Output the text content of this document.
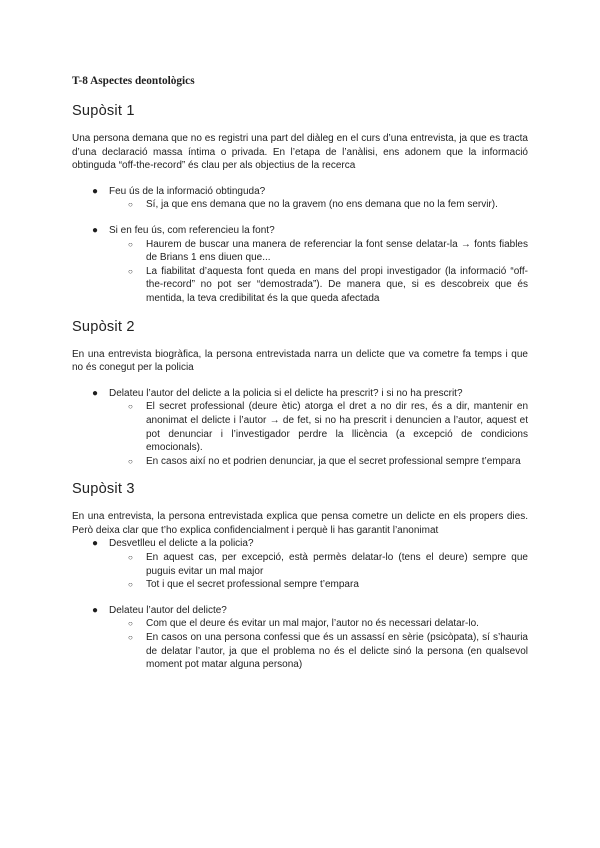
T-8 Aspectes deontològics
Supòsit 1

Una persona demana que no es registri una part del diàleg en el curs d’una entrevista, ja que es tracta d’una declaració massa íntima o privada. En l’etapa de l’anàlisi, ens adonem que la informació obtinguda “off-the-record” és clau per als objectius de la recerca

● Feu ús de la informació obtinguda?
○ Sí, ja que ens demana que no la gravem (no ens demana que no la fem servir).
● Si en feu ús, com referencieu la font?
○ Haurem de buscar una manera de referenciar la font sense delatar-la → fonts fiables de Brians 1 ens diuen que...
○ La fiabilitat d’aquesta font queda en mans del propi investigador (la informació “off-the-record” no pot ser “demostrada”). De manera que, si es descobreix que és mentida, la teva credibilitat és la que queda afectada
Supòsit 2

En una entrevista biogràfica, la persona entrevistada narra un delicte que va cometre fa temps i que no és conegut per la policia

● Delateu l’autor del delicte a la policia si el delicte ha prescrit? i si no ha prescrit?
○ El secret professional (deure ètic) atorga el dret a no dir res, és a dir, mantenir en anonimat el delicte i l’autor → de fet, si no ha prescrit i denuncien a l’autor, aquest et pot denunciar i l’investigador perdre la llicència (a excepció de condicions emocionals).
○ En casos així no et podrien denunciar, ja que el secret professional sempre t’empara
Supòsit 3

En una entrevista, la persona entrevistada explica que pensa cometre un delicte en els propers dies. Però deixa clar que t’ho explica confidencialment i perquè li has garantit l’anonimat

● Desvetlleu el delicte a la policia?
○ En aquest cas, per excepció, està permès delatar-lo (tens el deure) sempre que puguis evitar un mal major
○ Tot i que el secret professional sempre t’empara
● Delateu l’autor del delicte?
○ Com que el deure és evitar un mal major, l’autor no és necessari delatar-lo.
○ En casos on una persona confessi que és un assassí en sèrie (psicòpata), sí s’hauria de delatar l’autor, ja que el problema no és el delicte sinó la persona (en qualsevol moment pot matar alguna persona)
